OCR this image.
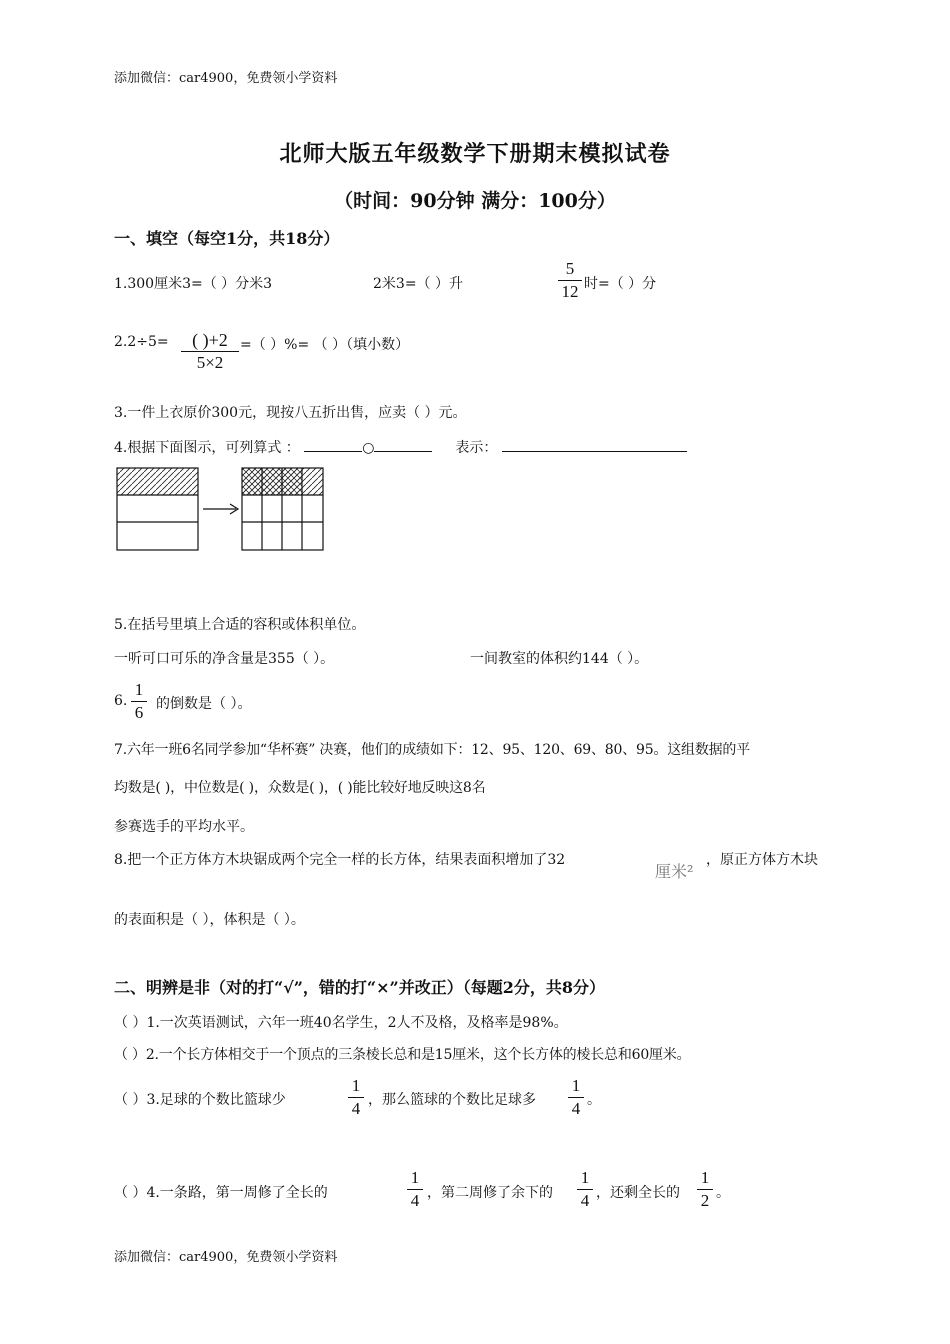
添加微信：car4900，免费领小学资料
北师大版五年级数学下册期末模拟试卷
（时间：90分钟 满分：100分）
一、填空（每空1分，共18分）
1.300厘米3=（ ）分米3	2米3=（ ）升
5
12 时=（ ）分
2.2÷5=	( )+2
5×2
=（ ）%= （ ）（填小数）
3.一件上衣原价300元，现按八五折出售，应卖（ ）元。
4.根据下面图示，可列算式 ：	○	表示：
5.在括号里填上合适的容积或体积单位。
一听可口可乐的净含量是355（ ）。	一间教室的体积约144（ ）。
6.
1
6 的倒数是（ ）。
7.六年一班6名同学参加“华杯赛” 决赛，他们的成绩如下：12、95、120、69、80、95。这组数据的平
均数是( )，中位数是( )，众数是( )，( )能比较好地反映这8名
参赛选手的平均水平。
8.把一个正方体方木块锯成两个完全一样的长方体，结果表面积增加了32
厘米²
，原正方体方木块
的表面积是（ ），体积是（ ）。
二、明辨是非（对的打“√”，错的打“×”并改正）（每题2分，共8分）
（ ）1.一次英语测试，六年一班40名学生，2人不及格，及格率是98%。
（ ）2.一个长方体相交于一个顶点的三条棱长总和是15厘米，这个长方体的棱长总和60厘米。
（ ）3.足球的个数比篮球少
1
4 ，那么篮球的个数比足球多
1
4 。
（ ）4.一条路，第一周修了全长的
1
4 ，第二周修了余下的
1
4 ，还剩全长的
1
2 。
添加微信：car4900，免费领小学资料
